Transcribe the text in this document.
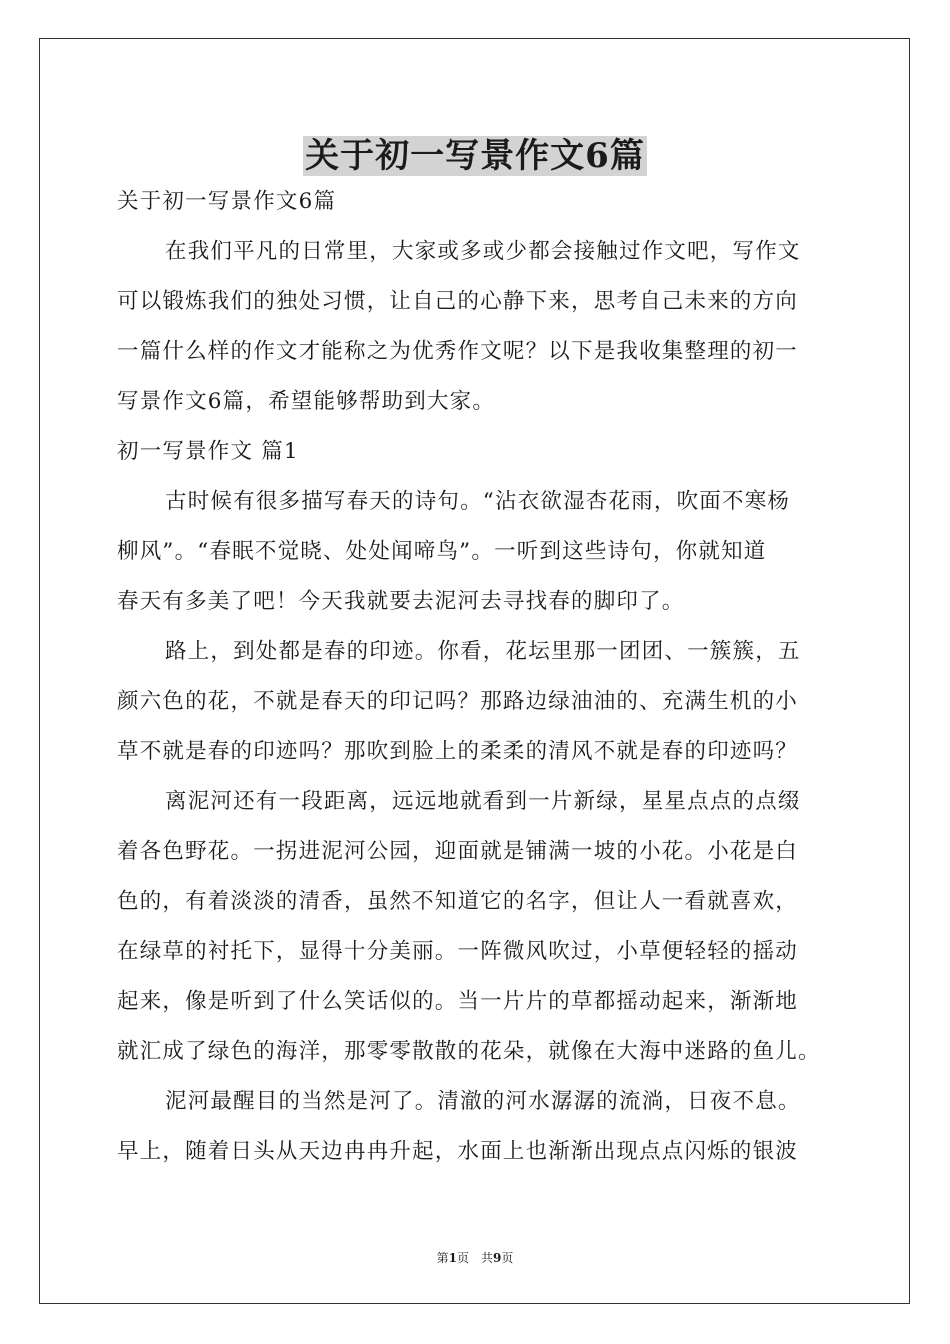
关于初一写景作文6篇
关于初一写景作文6篇
在我们平凡的日常里，大家或多或少都会接触过作文吧，写作文
可以锻炼我们的独处习惯，让自己的心静下来，思考自己未来的方向
一篇什么样的作文才能称之为优秀作文呢？以下是我收集整理的初一
写景作文6篇，希望能够帮助到大家。
初一写景作文 篇1
古时候有很多描写春天的诗句。“沾衣欲湿杏花雨，吹面不寒杨
柳风”。“春眠不觉晓、处处闻啼鸟”。一听到这些诗句，你就知道
春天有多美了吧！今天我就要去泥河去寻找春的脚印了。
路上，到处都是春的印迹。你看，花坛里那一团团、一簇簇，五
颜六色的花，不就是春天的印记吗？那路边绿油油的、充满生机的小
草不就是春的印迹吗？那吹到脸上的柔柔的清风不就是春的印迹吗？
离泥河还有一段距离，远远地就看到一片新绿，星星点点的点缀
着各色野花。一拐进泥河公园，迎面就是铺满一坡的小花。小花是白
色的，有着淡淡的清香，虽然不知道它的名字，但让人一看就喜欢，
在绿草的衬托下，显得十分美丽。一阵微风吹过，小草便轻轻的摇动
起来，像是听到了什么笑话似的。当一片片的草都摇动起来，渐渐地
就汇成了绿色的海洋，那零零散散的花朵，就像在大海中迷路的鱼儿。
泥河最醒目的当然是河了。清澈的河水潺潺的流淌，日夜不息。
早上，随着日头从天边冉冉升起，水面上也渐渐出现点点闪烁的银波
第1页　共9页
